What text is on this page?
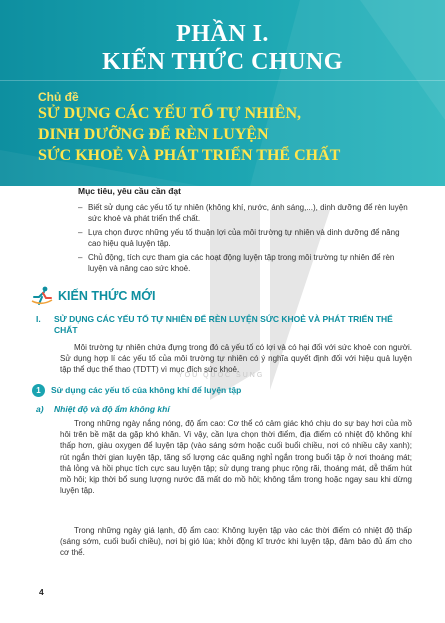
PHẦN I.
KIẾN THỨC CHUNG
Chủ đề
SỬ DỤNG CÁC YẾU TỐ TỰ NHIÊN,
DINH DƯỠNG ĐỂ RÈN LUYỆN
SỨC KHOẺ VÀ PHÁT TRIỂN THỂ CHẤT
YOU QUÓC SUNG
Mục tiêu, yêu cầu cần đạt
– Biết sử dụng các yếu tố tự nhiên (không khí, nước, ánh sáng,...), dinh dưỡng để rèn luyện sức khoẻ và phát triển thể chất.
– Lựa chọn được những yếu tố thuận lợi của môi trường tự nhiên và dinh dưỡng để nâng cao hiệu quả luyện tập.
– Chủ động, tích cực tham gia các hoạt động luyện tập trong môi trường tự nhiên để rèn luyện và nâng cao sức khoẻ.
KIẾN THỨC MỚI
I. SỬ DỤNG CÁC YẾU TỐ TỰ NHIÊN ĐỂ RÈN LUYỆN SỨC KHOẺ VÀ PHÁT TRIỂN THỂ CHẤT
Môi trường tự nhiên chứa đựng trong đó cả yếu tố có lợi và có hại đối với sức khoẻ con người. Sử dụng hợp lí các yếu tố của môi trường tự nhiên có ý nghĩa quyết định đối với hiệu quả luyện tập thể dục thể thao (TDTT) vì mục đích sức khoẻ.
1	Sử dụng các yếu tố của không khí để luyện tập
a) Nhiệt độ và độ ẩm không khí
Trong những ngày nắng nóng, độ ẩm cao: Cơ thể có cảm giác khó chịu do sự bay hơi của mồ hôi trên bề mặt da gặp khó khăn. Vì vậy, cần lựa chọn thời điểm, địa điểm có nhiệt độ không khí thấp hơn, giàu oxygen để luyện tập (vào sáng sớm hoặc cuối buổi chiều, nơi có nhiều cây xanh); rút ngắn thời gian luyện tập, tăng số lượng các quãng nghỉ ngắn trong buổi tập ở nơi thoáng mát; thả lỏng và hồi phục tích cực sau luyện tập; sử dụng trang phục rộng rãi, thoáng mát, dễ thấm hút mồ hôi; kịp thời bổ sung lượng nước đã mất do mồ hôi; không tắm trong hoặc ngay sau khi dừng luyện tập.
Trong những ngày giá lạnh, độ ẩm cao: Không luyện tập vào các thời điểm có nhiệt độ thấp (sáng sớm, cuối buổi chiều), nơi bị gió lùa; khởi động kĩ trước khi luyện tập, đảm bảo đủ ấm cho cơ thể.
4
